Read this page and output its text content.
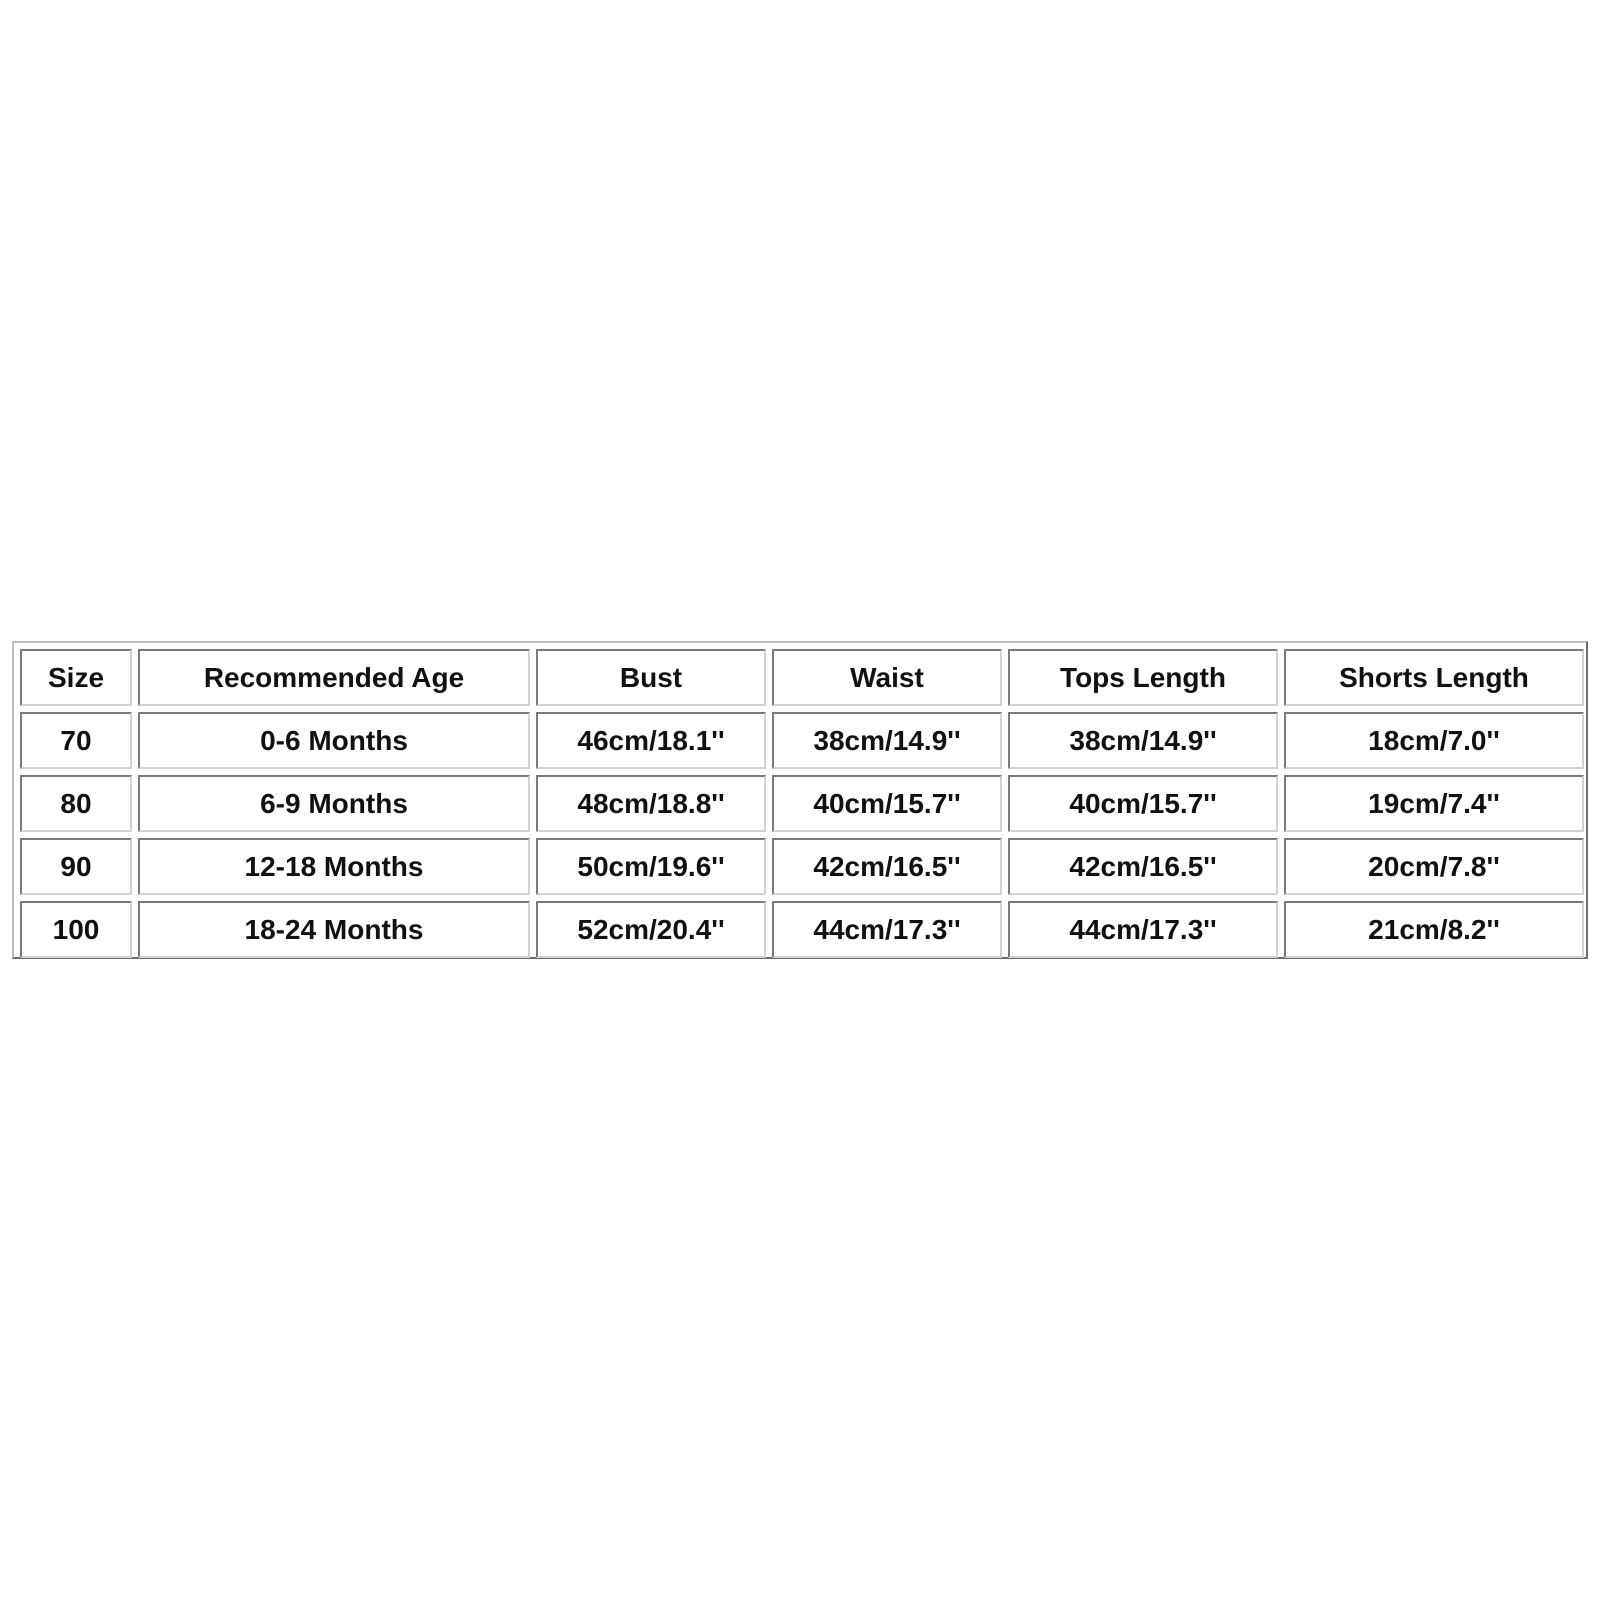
Size	Recommended Age	Bust	Waist	Tops Length	Shorts Length
70	0-6 Months	46cm/18.1''	38cm/14.9''	38cm/14.9''	18cm/7.0''
80	6-9 Months	48cm/18.8''	40cm/15.7''	40cm/15.7''	19cm/7.4''
90	12-18 Months	50cm/19.6''	42cm/16.5''	42cm/16.5''	20cm/7.8''
100	18-24 Months	52cm/20.4''	44cm/17.3''	44cm/17.3''	21cm/8.2''
